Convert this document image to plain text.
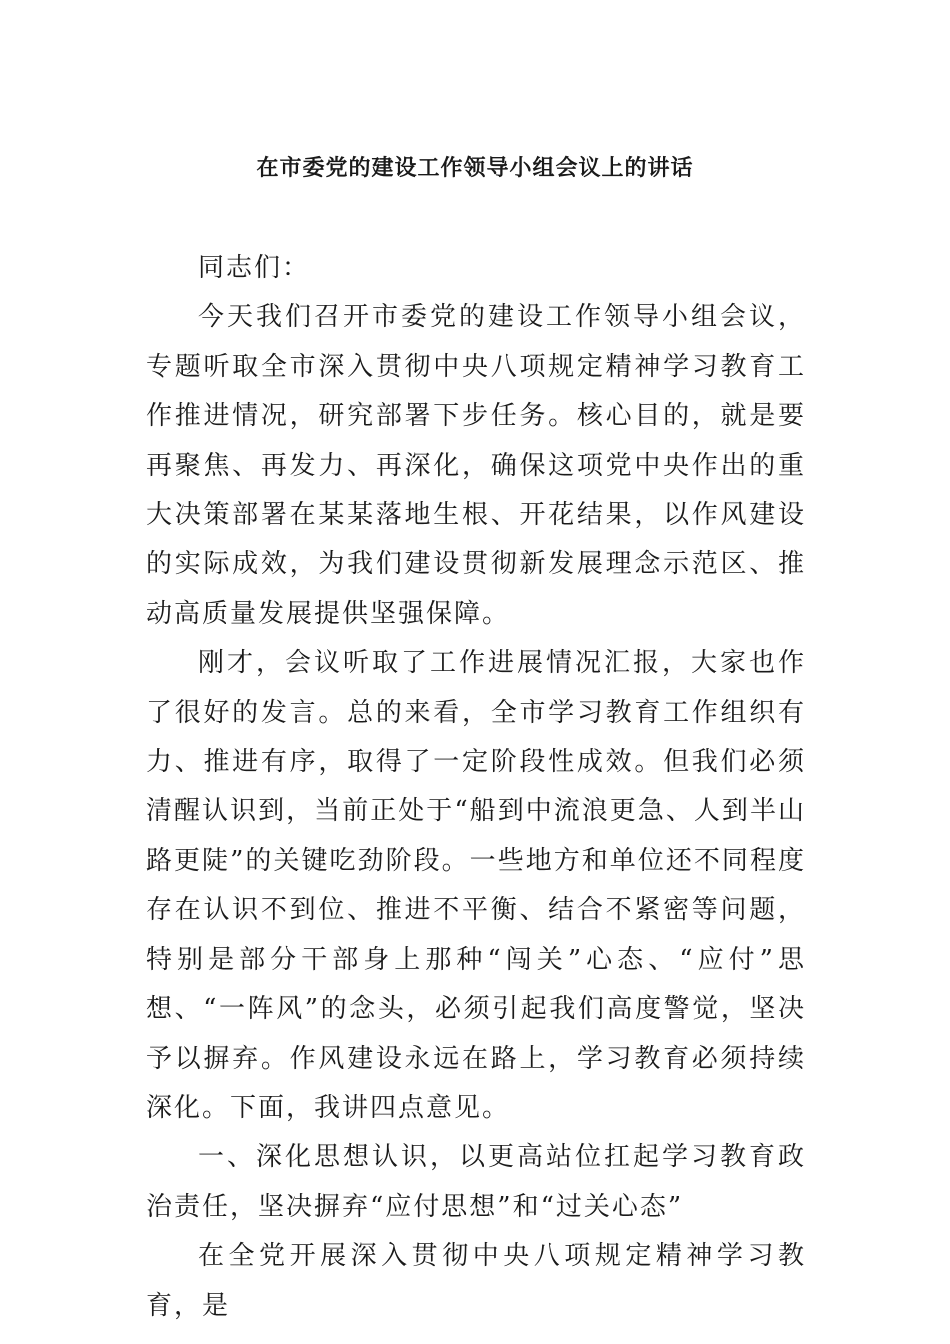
在市委党的建设工作领导小组会议上的讲话

同志们：

今天我们召开市委党的建设工作领导小组会议，专题听取全市深入贯彻中央八项规定精神学习教育工作推进情况，研究部署下步任务。核心目的，就是要再聚焦、再发力、再深化，确保这项党中央作出的重大决策部署在某某落地生根、开花结果，以作风建设的实际成效，为我们建设贯彻新发展理念示范区、推动高质量发展提供坚强保障。

刚才，会议听取了工作进展情况汇报，大家也作了很好的发言。总的来看，全市学习教育工作组织有力、推进有序，取得了一定阶段性成效。但我们必须清醒认识到，当前正处于“船到中流浪更急、人到半山路更陡”的关键吃劲阶段。一些地方和单位还不同程度存在认识不到位、推进不平衡、结合不紧密等问题，特别是部分干部身上那种“闯关”心态、“应付”思想、“一阵风”的念头，必须引起我们高度警觉，坚决予以摒弃。作风建设永远在路上，学习教育必须持续深化。下面，我讲四点意见。

一、深化思想认识，以更高站位扛起学习教育政治责任，坚决摒弃“应付思想”和“过关心态”

在全党开展深入贯彻中央八项规定精神学习教育，是
